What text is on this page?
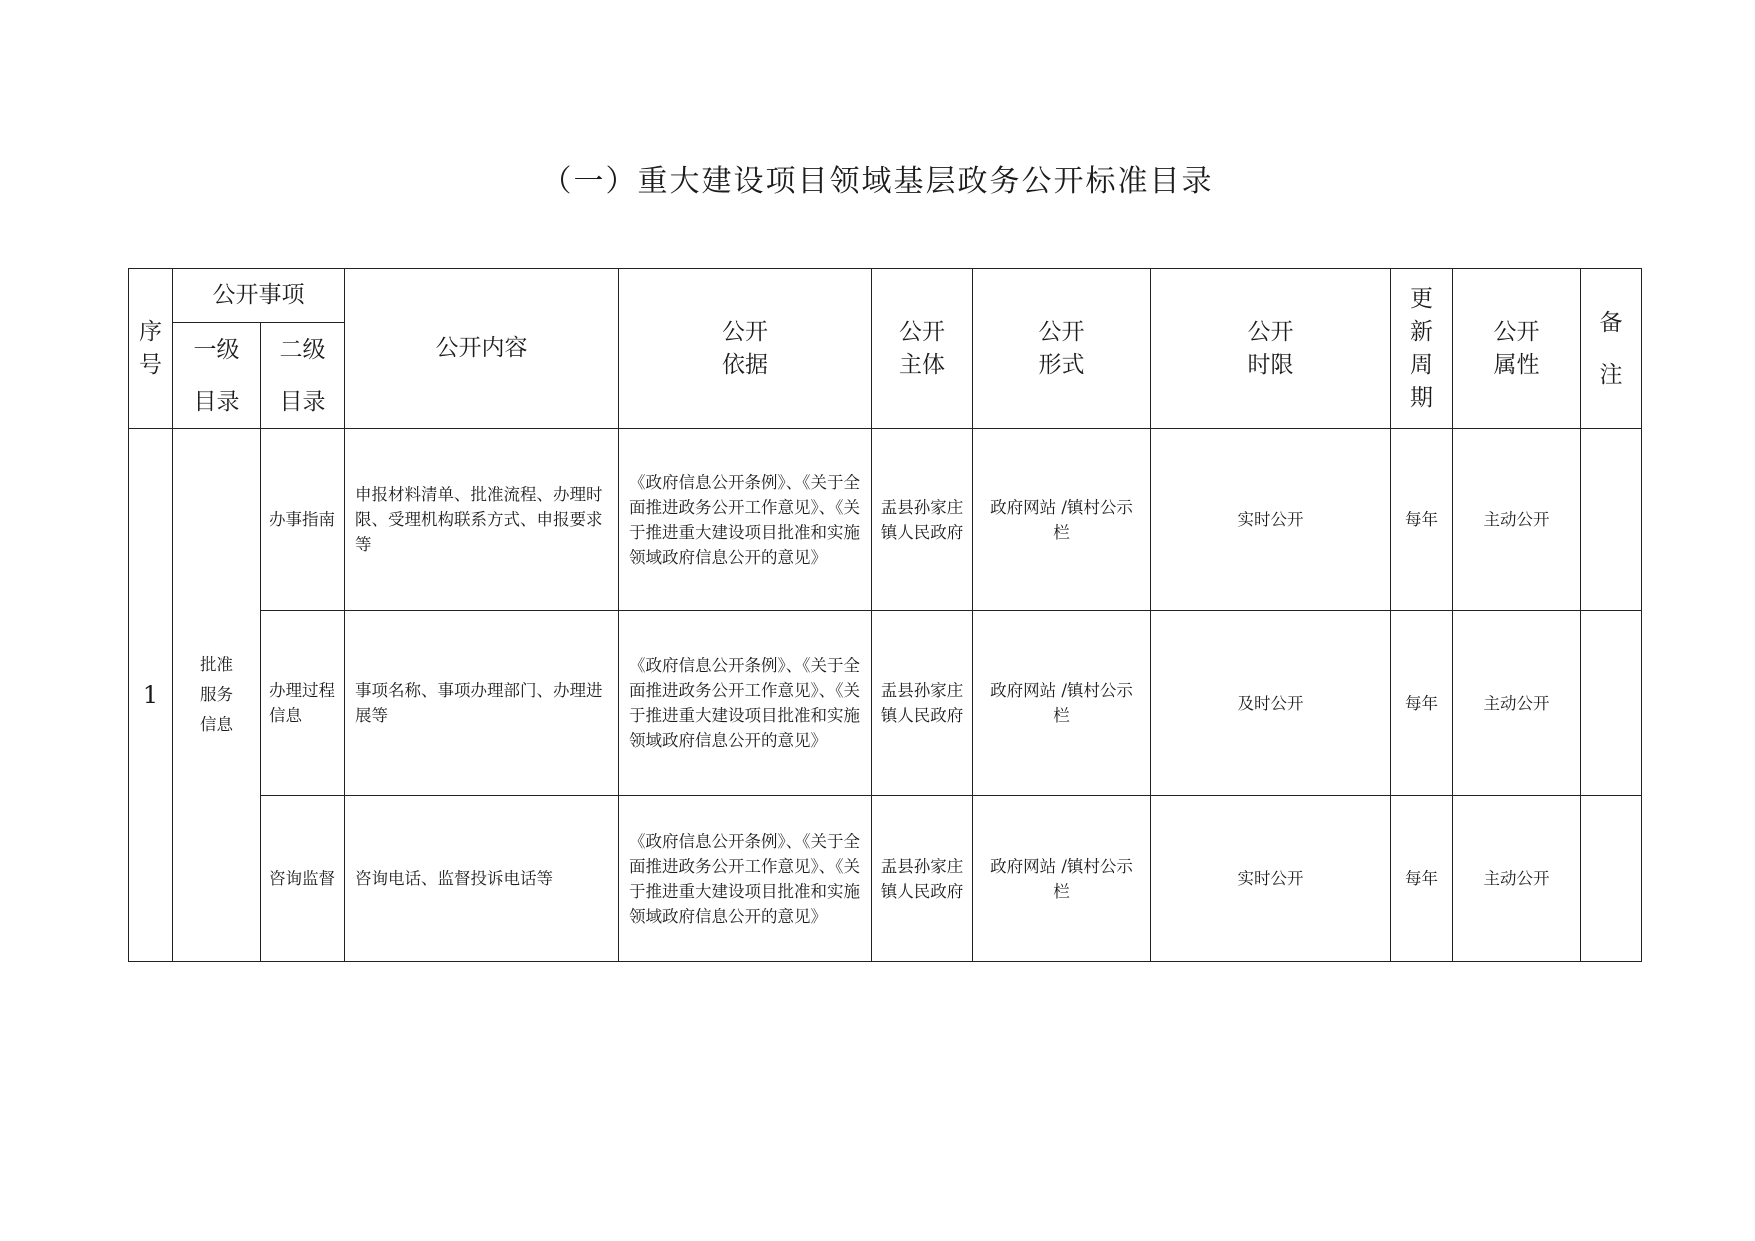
（一）重大建设项目领域基层政务公开标准目录
序号	公开事项		公开内容	公开依据	公开主体	公开形式	公开时限	更新周期	公开属性	备注
	一级目录	二级目录								
1	批准服务信息	办事指南	申报材料清单、批准流程、办理时限、受理机构联系方式、申报要求等	《政府信息公开条例》、《关于全面推进政务公开工作意见》、《关于推进重大建设项目批准和实施领域政府信息公开的意见》	盂县孙家庄镇人民政府	政府网站 /镇村公示栏	实时公开	每年	主动公开	
		办理过程信息	事项名称、事项办理部门、办理进展等	《政府信息公开条例》、《关于全面推进政务公开工作意见》、《关于推进重大建设项目批准和实施领域政府信息公开的意见》	盂县孙家庄镇人民政府	政府网站 /镇村公示栏	及时公开	每年	主动公开	
		咨询监督	咨询电话、监督投诉电话等	《政府信息公开条例》、《关于全面推进政务公开工作意见》、《关于推进重大建设项目批准和实施领域政府信息公开的意见》	盂县孙家庄镇人民政府	政府网站 /镇村公示栏	实时公开	每年	主动公开	
